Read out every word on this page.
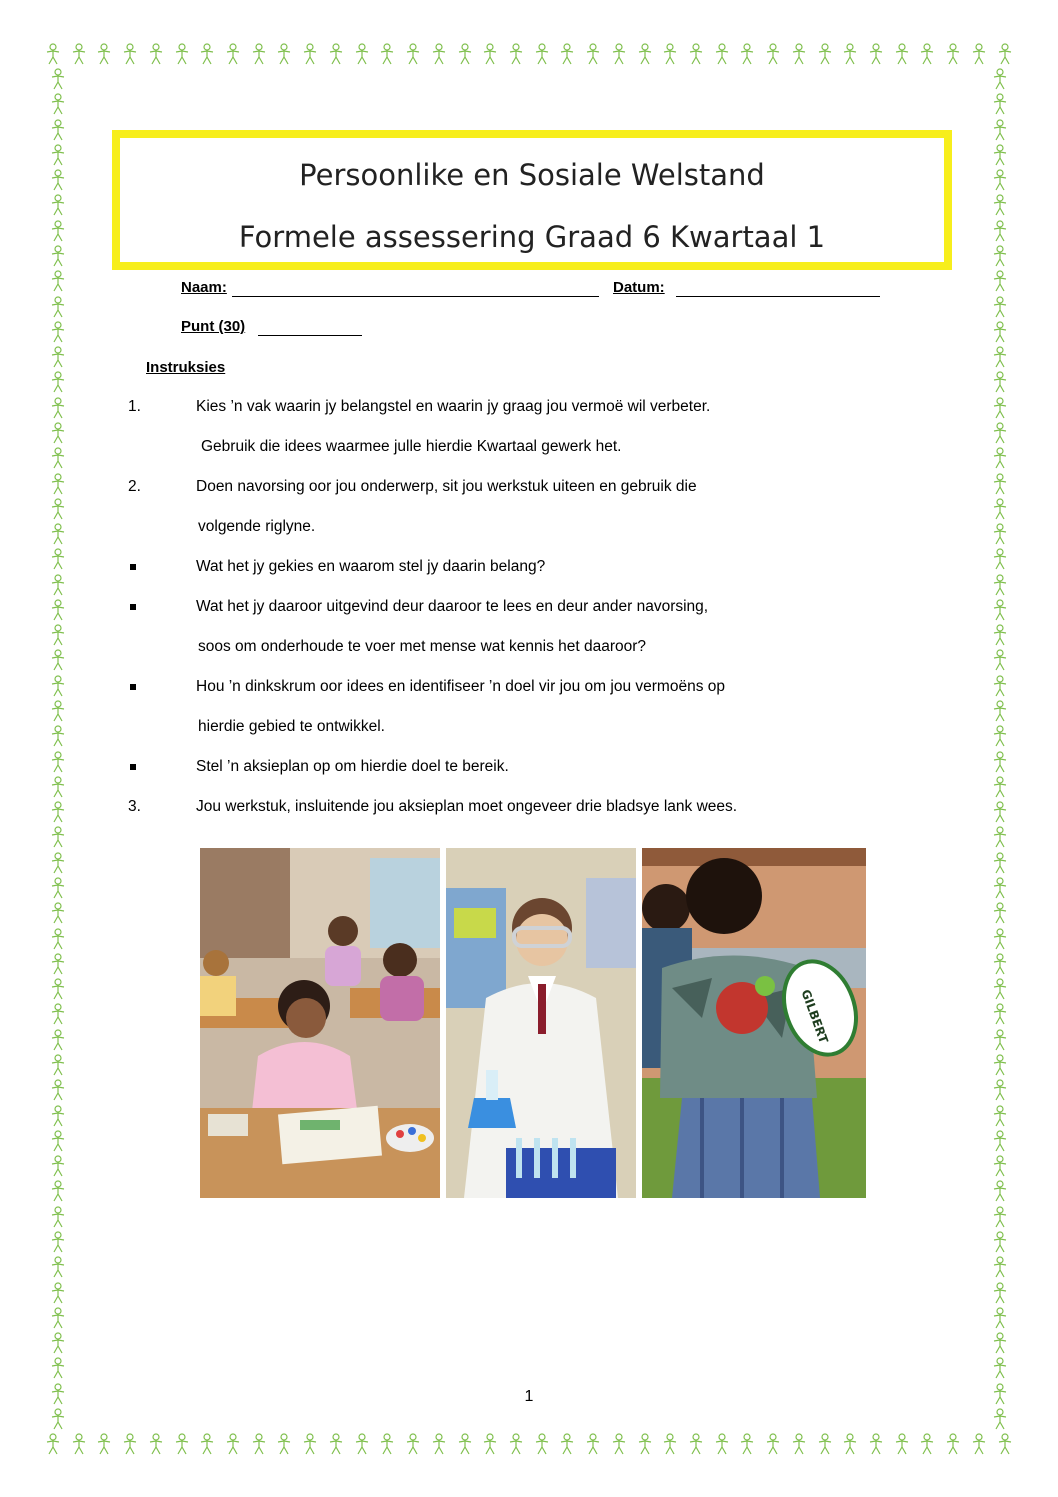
Persoonlike en Sosiale Welstand
Formele assessering Graad 6 Kwartaal 1
Naam:	Datum:
Punt (30)
Instruksies
1.	Kies ’n vak waarin jy belangstel en waarin jy graag jou vermoë wil verbeter.
Gebruik die idees waarmee julle hierdie Kwartaal gewerk het.
2.	Doen navorsing oor jou onderwerp, sit jou werkstuk uiteen en gebruik die
volgende riglyne.
Wat het jy gekies en waarom stel jy daarin belang?
Wat het jy daaroor uitgevind deur daaroor te lees en deur ander navorsing,
soos om onderhoude te voer met mense wat kennis het daaroor?
Hou ’n dinkskrum oor idees en identifiseer ’n doel vir jou om jou vermoëns op
hierdie gebied te ontwikkel.
Stel ’n aksieplan op om hierdie doel te bereik.
3.	Jou werkstuk, insluitende jou aksieplan moet ongeveer drie bladsye lank wees.
GILBERT
1
